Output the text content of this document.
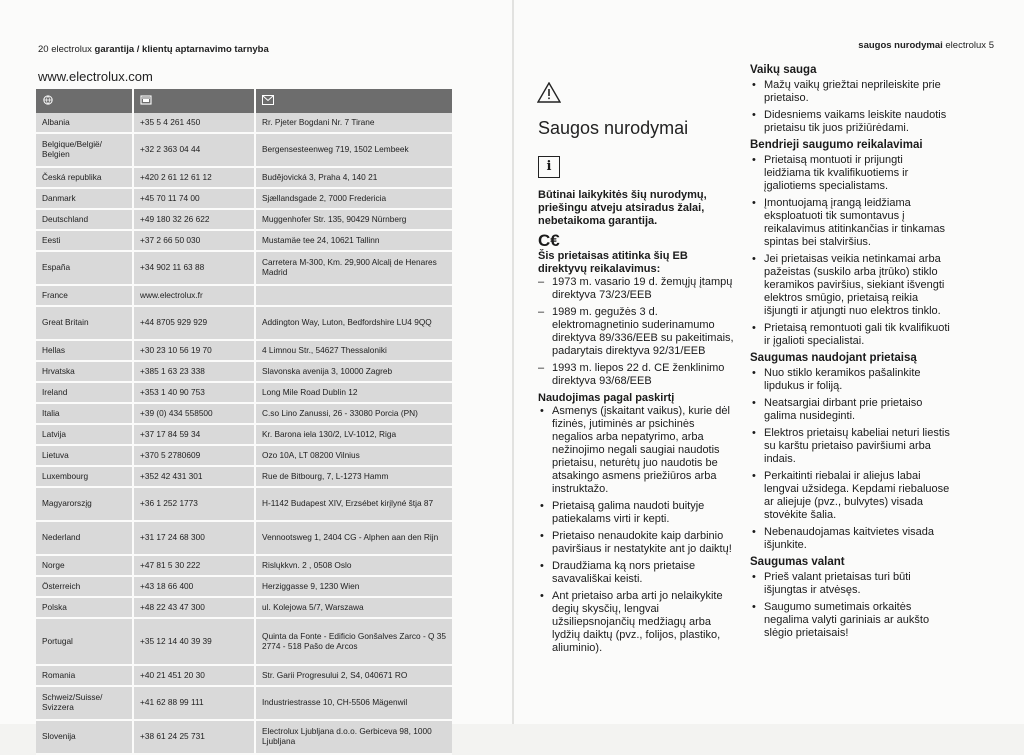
20 electrolux garantija / klientų aptarnavimo tarnyba
www.electrolux.com

Albania	+35 5 4 261 450	Rr. Pjeter Bogdani Nr. 7 Tirane
Belgique/België/ Belgien	+32 2 363 04 44	Bergensesteenweg 719, 1502 Lembeek
Česká republika	+420 2 61 12 61 12	Budějovická 3, Praha 4, 140 21
Danmark	+45 70 11 74 00	Sjællandsgade 2, 7000 Fredericia
Deutschland	+49 180 32 26 622	Muggenhofer Str. 135, 90429 Nürnberg
Eesti	+37 2 66 50 030	Mustamäe tee 24, 10621 Tallinn
España	+34 902 11 63 88	Carretera M-300, Km. 29,900 Alcalį de Henares Madrid
France	www.electrolux.fr	
Great Britain	+44 8705 929 929	Addington Way, Luton, Bedfordshire LU4 9QQ
Hellas	+30 23 10 56 19 70	4 Limnou Str., 54627 Thessaloniki
Hrvatska	+385 1 63 23 338	Slavonska avenija 3, 10000 Zagreb
Ireland	+353 1 40 90 753	Long Mile Road Dublin 12
Italia	+39 (0) 434 558500	C.so Lino Zanussi, 26 - 33080 Porcia (PN)
Latvija	+37 17 84 59 34	Kr. Barona iela 130/2, LV-1012, Riga
Lietuva	+370 5 2780609	Ozo 10A, LT 08200 Vilnius
Luxembourg	+352 42 431 301	Rue de Bitbourg, 7, L-1273 Hamm
Magyarorszįg	+36 1 252 1773	H-1142 Budapest XIV, Erzsébet kirįlyné štja 87
Nederland	+31 17 24 68 300	Vennootsweg 1, 2404 CG - Alphen aan den Rijn
Norge	+47 81 5 30 222	Rislųkkvn. 2 , 0508 Oslo
Österreich	+43 18 66 400	Herziggasse 9, 1230 Wien
Polska	+48 22 43 47 300	ul. Kolejowa 5/7, Warszawa
Portugal	+35 12 14 40 39 39	Quinta da Fonte - Edificio Gonšalves Zarco - Q 35 2774 - 518 Pašo de Arcos
Romania	+40 21 451 20 30	Str. Garii Progresului 2, S4, 040671 RO
Schweiz/Suisse/ Svizzera	+41 62 88 99 111	Industriestrasse 10, CH-5506 Mägenwil
Slovenija	+38 61 24 25 731	Electrolux Ljubljana d.o.o. Gerbiceva 98, 1000 Ljubljana
saugos nurodymai electrolux 5
Saugos nurodymai
i

Būtinai laikykitės šių nurodymų, priešingu atveju atsiradus žalai, nebetaikoma garantija.

C€

Šis prietaisas atitinka šių EB direktyvų reikalavimus:

– 1973 m. vasario 19 d. žemųjų įtampų direktyva 73/23/EEB
– 1989 m. gegužės 3 d. elektromagnetinio suderinamumo direktyva 89/336/EEB su pakeitimais, padarytais direktyva 92/31/EEB
– 1993 m. liepos 22 d. CE ženklinimo direktyva 93/68/EEB

Naudojimas pagal paskirtį

• Asmenys (įskaitant vaikus), kurie dėl fizinės, jutiminės ar psichinės negalios arba nepatyrimo, arba nežinojimo negali saugiai naudotis prietaisu, neturėtų juo naudotis be atsakingo asmens priežiūros arba instruktažo.
• Prietaisą galima naudoti buityje patiekalams virti ir kepti.
• Prietaiso nenaudokite kaip darbinio paviršiaus ir nestatykite ant jo daiktų!
• Draudžiama ką nors prietaise savavališkai keisti.
• Ant prietaiso arba arti jo nelaikykite degių skysčių, lengvai užsiliepsnojančių medžiagų arba lydžių daiktų (pvz., folijos, plastiko, aliuminio).

Vaikų sauga

• Mažų vaikų griežtai neprileiskite prie prietaiso.
• Didesniems vaikams leiskite naudotis prietaisu tik juos prižiūrėdami.

Bendrieji saugumo reikalavimai

• Prietaisą montuoti ir prijungti leidžiama tik kvalifikuotiems ir įgaliotiems specialistams.
• Įmontuojamą įrangą leidžiama eksploatuoti tik sumontavus į reikalavimus atitinkančias ir tinkamas spintas bei stalviršius.
• Jei prietaisas veikia netinkamai arba pažeistas (suskilo arba įtrūko) stiklo keramikos paviršius, siekiant išvengti elektros smūgio, prietaisą reikia išjungti ir atjungti nuo elektros tinklo.
• Prietaisą remontuoti gali tik kvalifikuoti ir įgalioti specialistai.

Saugumas naudojant prietaisą

• Nuo stiklo keramikos pašalinkite lipdukus ir foliją.
• Neatsargiai dirbant prie prietaiso galima nusideginti.
• Elektros prietaisų kabeliai neturi liestis su karštu prietaiso paviršiumi arba indais.
• Perkaitinti riebalai ir aliejus labai lengvai užsidega. Kepdami riebaluose ar aliejuje (pvz., bulvytes) visada stovėkite šalia.
• Nebenaudojamas kaitvietes visada išjunkite.

Saugumas valant

• Prieš valant prietaisas turi būti išjungtas ir atvėsęs.
• Saugumo sumetimais orkaitės negalima valyti gariniais ar aukšto slėgio prietaisais!
